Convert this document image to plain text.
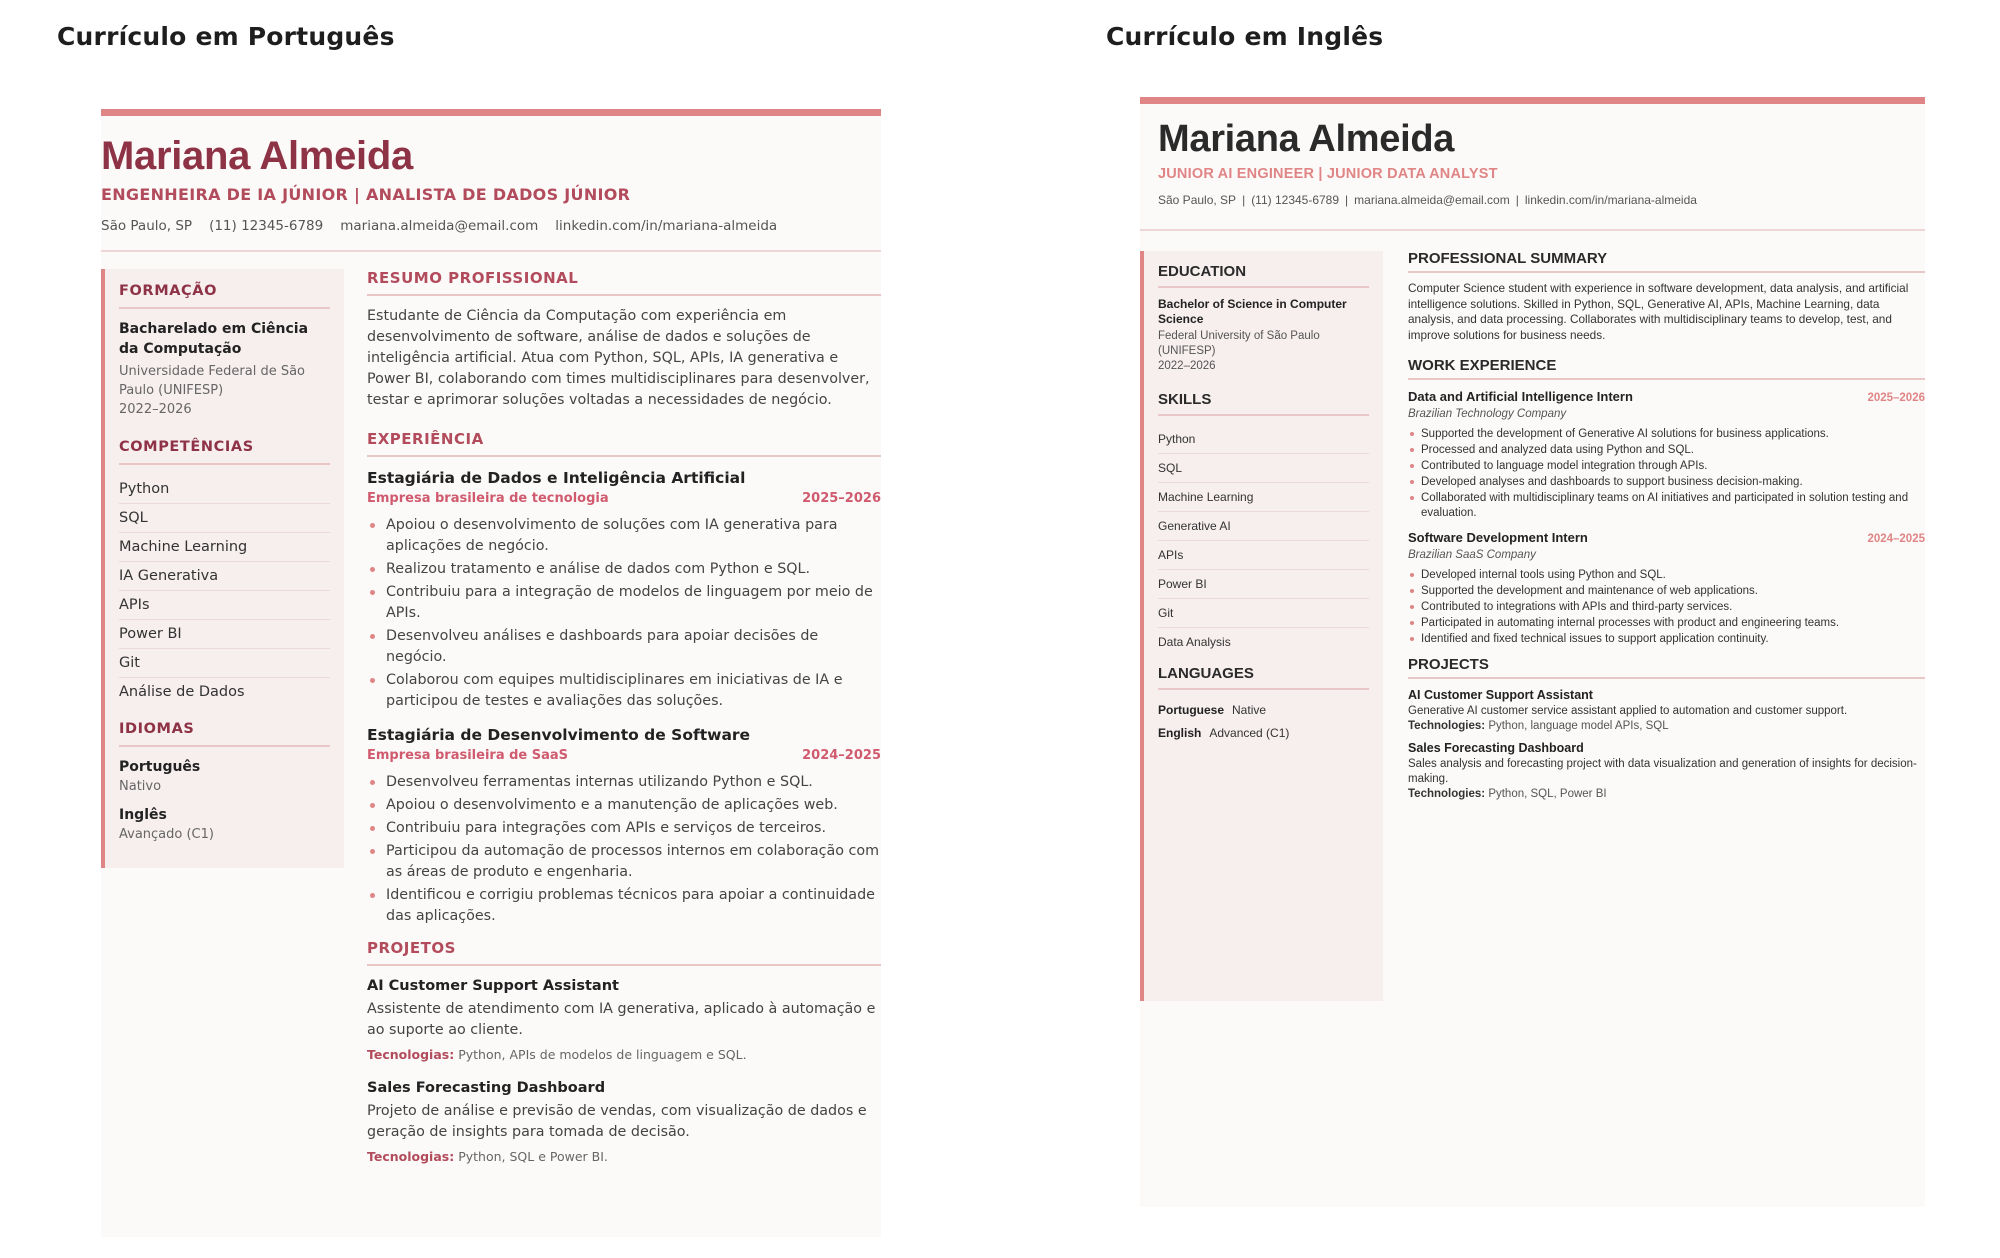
Currículo em Português	Currículo em Inglês
Mariana Almeida
ENGENHEIRA DE IA JÚNIOR | ANALISTA DE DADOS JÚNIOR
São Paulo, SP (11) 12345-6789 mariana.almeida@email.com linkedin.com/in/mariana-almeida
FORMAÇÃO
Bacharelado em Ciência da Computação
Universidade Federal de São Paulo (UNIFESP)
2022–2026
COMPETÊNCIAS
Python
SQL
Machine Learning
IA Generativa
APIs
Power BI
Git
Análise de Dados
IDIOMAS
Português
Nativo
Inglês
Avançado (C1)
RESUMO PROFISSIONAL
Estudante de Ciência da Computação com experiência em desenvolvimento de software, análise de dados e soluções de inteligência artificial. Atua com Python, SQL, APIs, IA generativa e Power BI, colaborando com times multidisciplinares para desenvolver, testar e aprimorar soluções voltadas a necessidades de negócio.
EXPERIÊNCIA
Estagiária de Dados e Inteligência Artificial
Empresa brasileira de tecnologia	2025–2026
Apoiou o desenvolvimento de soluções com IA generativa para aplicações de negócio.
Realizou tratamento e análise de dados com Python e SQL.
Contribuiu para a integração de modelos de linguagem por meio de APIs.
Desenvolveu análises e dashboards para apoiar decisões de negócio.
Colaborou com equipes multidisciplinares em iniciativas de IA e participou de testes e avaliações das soluções.
Estagiária de Desenvolvimento de Software
Empresa brasileira de SaaS	2024–2025
Desenvolveu ferramentas internas utilizando Python e SQL.
Apoiou o desenvolvimento e a manutenção de aplicações web.
Contribuiu para integrações com APIs e serviços de terceiros.
Participou da automação de processos internos em colaboração com as áreas de produto e engenharia.
Identificou e corrigiu problemas técnicos para apoiar a continuidade das aplicações.
PROJETOS
AI Customer Support Assistant
Assistente de atendimento com IA generativa, aplicado à automação e ao suporte ao cliente.
Tecnologias: Python, APIs de modelos de linguagem e SQL.
Sales Forecasting Dashboard
Projeto de análise e previsão de vendas, com visualização de dados e geração de insights para tomada de decisão.
Tecnologias: Python, SQL e Power BI.
Mariana Almeida
JUNIOR AI ENGINEER | JUNIOR DATA ANALYST
São Paulo, SP | (11) 12345-6789 | mariana.almeida@email.com | linkedin.com/in/mariana-almeida
EDUCATION
Bachelor of Science in Computer Science
Federal University of São Paulo (UNIFESP)
2022–2026
SKILLS
Python
SQL
Machine Learning
Generative AI
APIs
Power BI
Git
Data Analysis
LANGUAGES
Portuguese Native
English Advanced (C1)
PROFESSIONAL SUMMARY
Computer Science student with experience in software development, data analysis, and artificial intelligence solutions. Skilled in Python, SQL, Generative AI, APIs, Machine Learning, data analysis, and data processing. Collaborates with multidisciplinary teams to develop, test, and improve solutions for business needs.
WORK EXPERIENCE
Data and Artificial Intelligence Intern	2025–2026
Brazilian Technology Company
Supported the development of Generative AI solutions for business applications.
Processed and analyzed data using Python and SQL.
Contributed to language model integration through APIs.
Developed analyses and dashboards to support business decision-making.
Collaborated with multidisciplinary teams on AI initiatives and participated in solution testing and evaluation.
Software Development Intern	2024–2025
Brazilian SaaS Company
Developed internal tools using Python and SQL.
Supported the development and maintenance of web applications.
Contributed to integrations with APIs and third-party services.
Participated in automating internal processes with product and engineering teams.
Identified and fixed technical issues to support application continuity.
PROJECTS
AI Customer Support Assistant
Generative AI customer service assistant applied to automation and customer support.
Technologies: Python, language model APIs, SQL
Sales Forecasting Dashboard
Sales analysis and forecasting project with data visualization and generation of insights for decision-making.
Technologies: Python, SQL, Power BI
